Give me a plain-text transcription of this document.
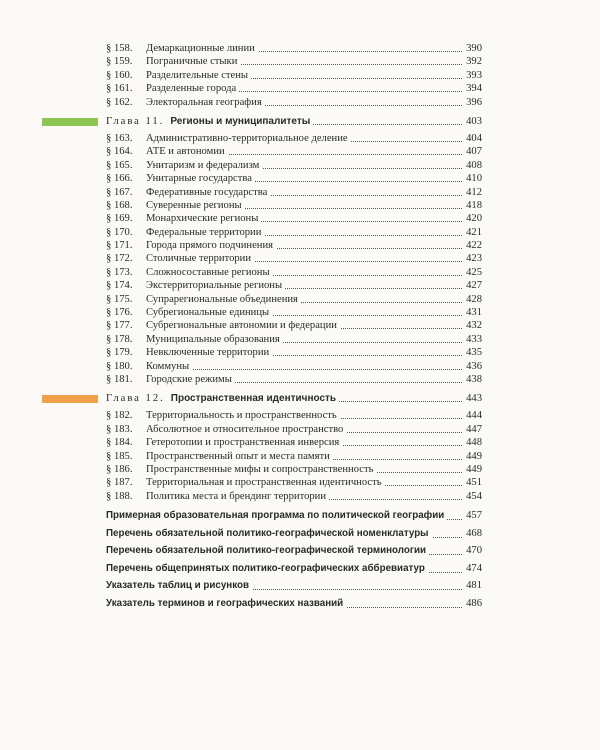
§ 158. Демаркационные линии	390
§ 159. Пограничные стыки	392
§ 160. Разделительные стены	393
§ 161. Разделенные города	394
§ 162. Электоральная география	396
Глава 11. Регионы и муниципалитеты	403
§ 163. Административно-территориальное деление	404
§ 164. АТЕ и автономии	407
§ 165. Унитаризм и федерализм	408
§ 166. Унитарные государства	410
§ 167. Федеративные государства	412
§ 168. Суверенные регионы	418
§ 169. Монархические регионы	420
§ 170. Федеральные территории	421
§ 171. Города прямого подчинения	422
§ 172. Столичные территории	423
§ 173. Сложносоставные регионы	425
§ 174. Экстерриториальные регионы	427
§ 175. Супрарегиональные объединения	428
§ 176. Субрегиональные единицы	431
§ 177. Субрегиональные автономии и федерации	432
§ 178. Муниципальные образования	433
§ 179. Невключенные территории	435
§ 180. Коммуны	436
§ 181. Городские режимы	438
Глава 12. Пространственная идентичность	443
§ 182. Территориальность и пространственность	444
§ 183. Абсолютное и относительное пространство	447
§ 184. Гетеротопии и пространственная инверсия	448
§ 185. Пространственный опыт и места памяти	449
§ 186. Пространственные мифы и сопространственность	449
§ 187. Территориальная и пространственная идентичность	451
§ 188. Политика места и брендинг территории	454
Примерная образовательная программа по политической географии 457
Перечень обязательной политико-географической номенклатуры	468
Перечень обязательной политико-географической терминологии	470
Перечень общепринятых политико-географических аббревиатур	474
Указатель таблиц и рисунков	481
Указатель терминов и географических названий	486
